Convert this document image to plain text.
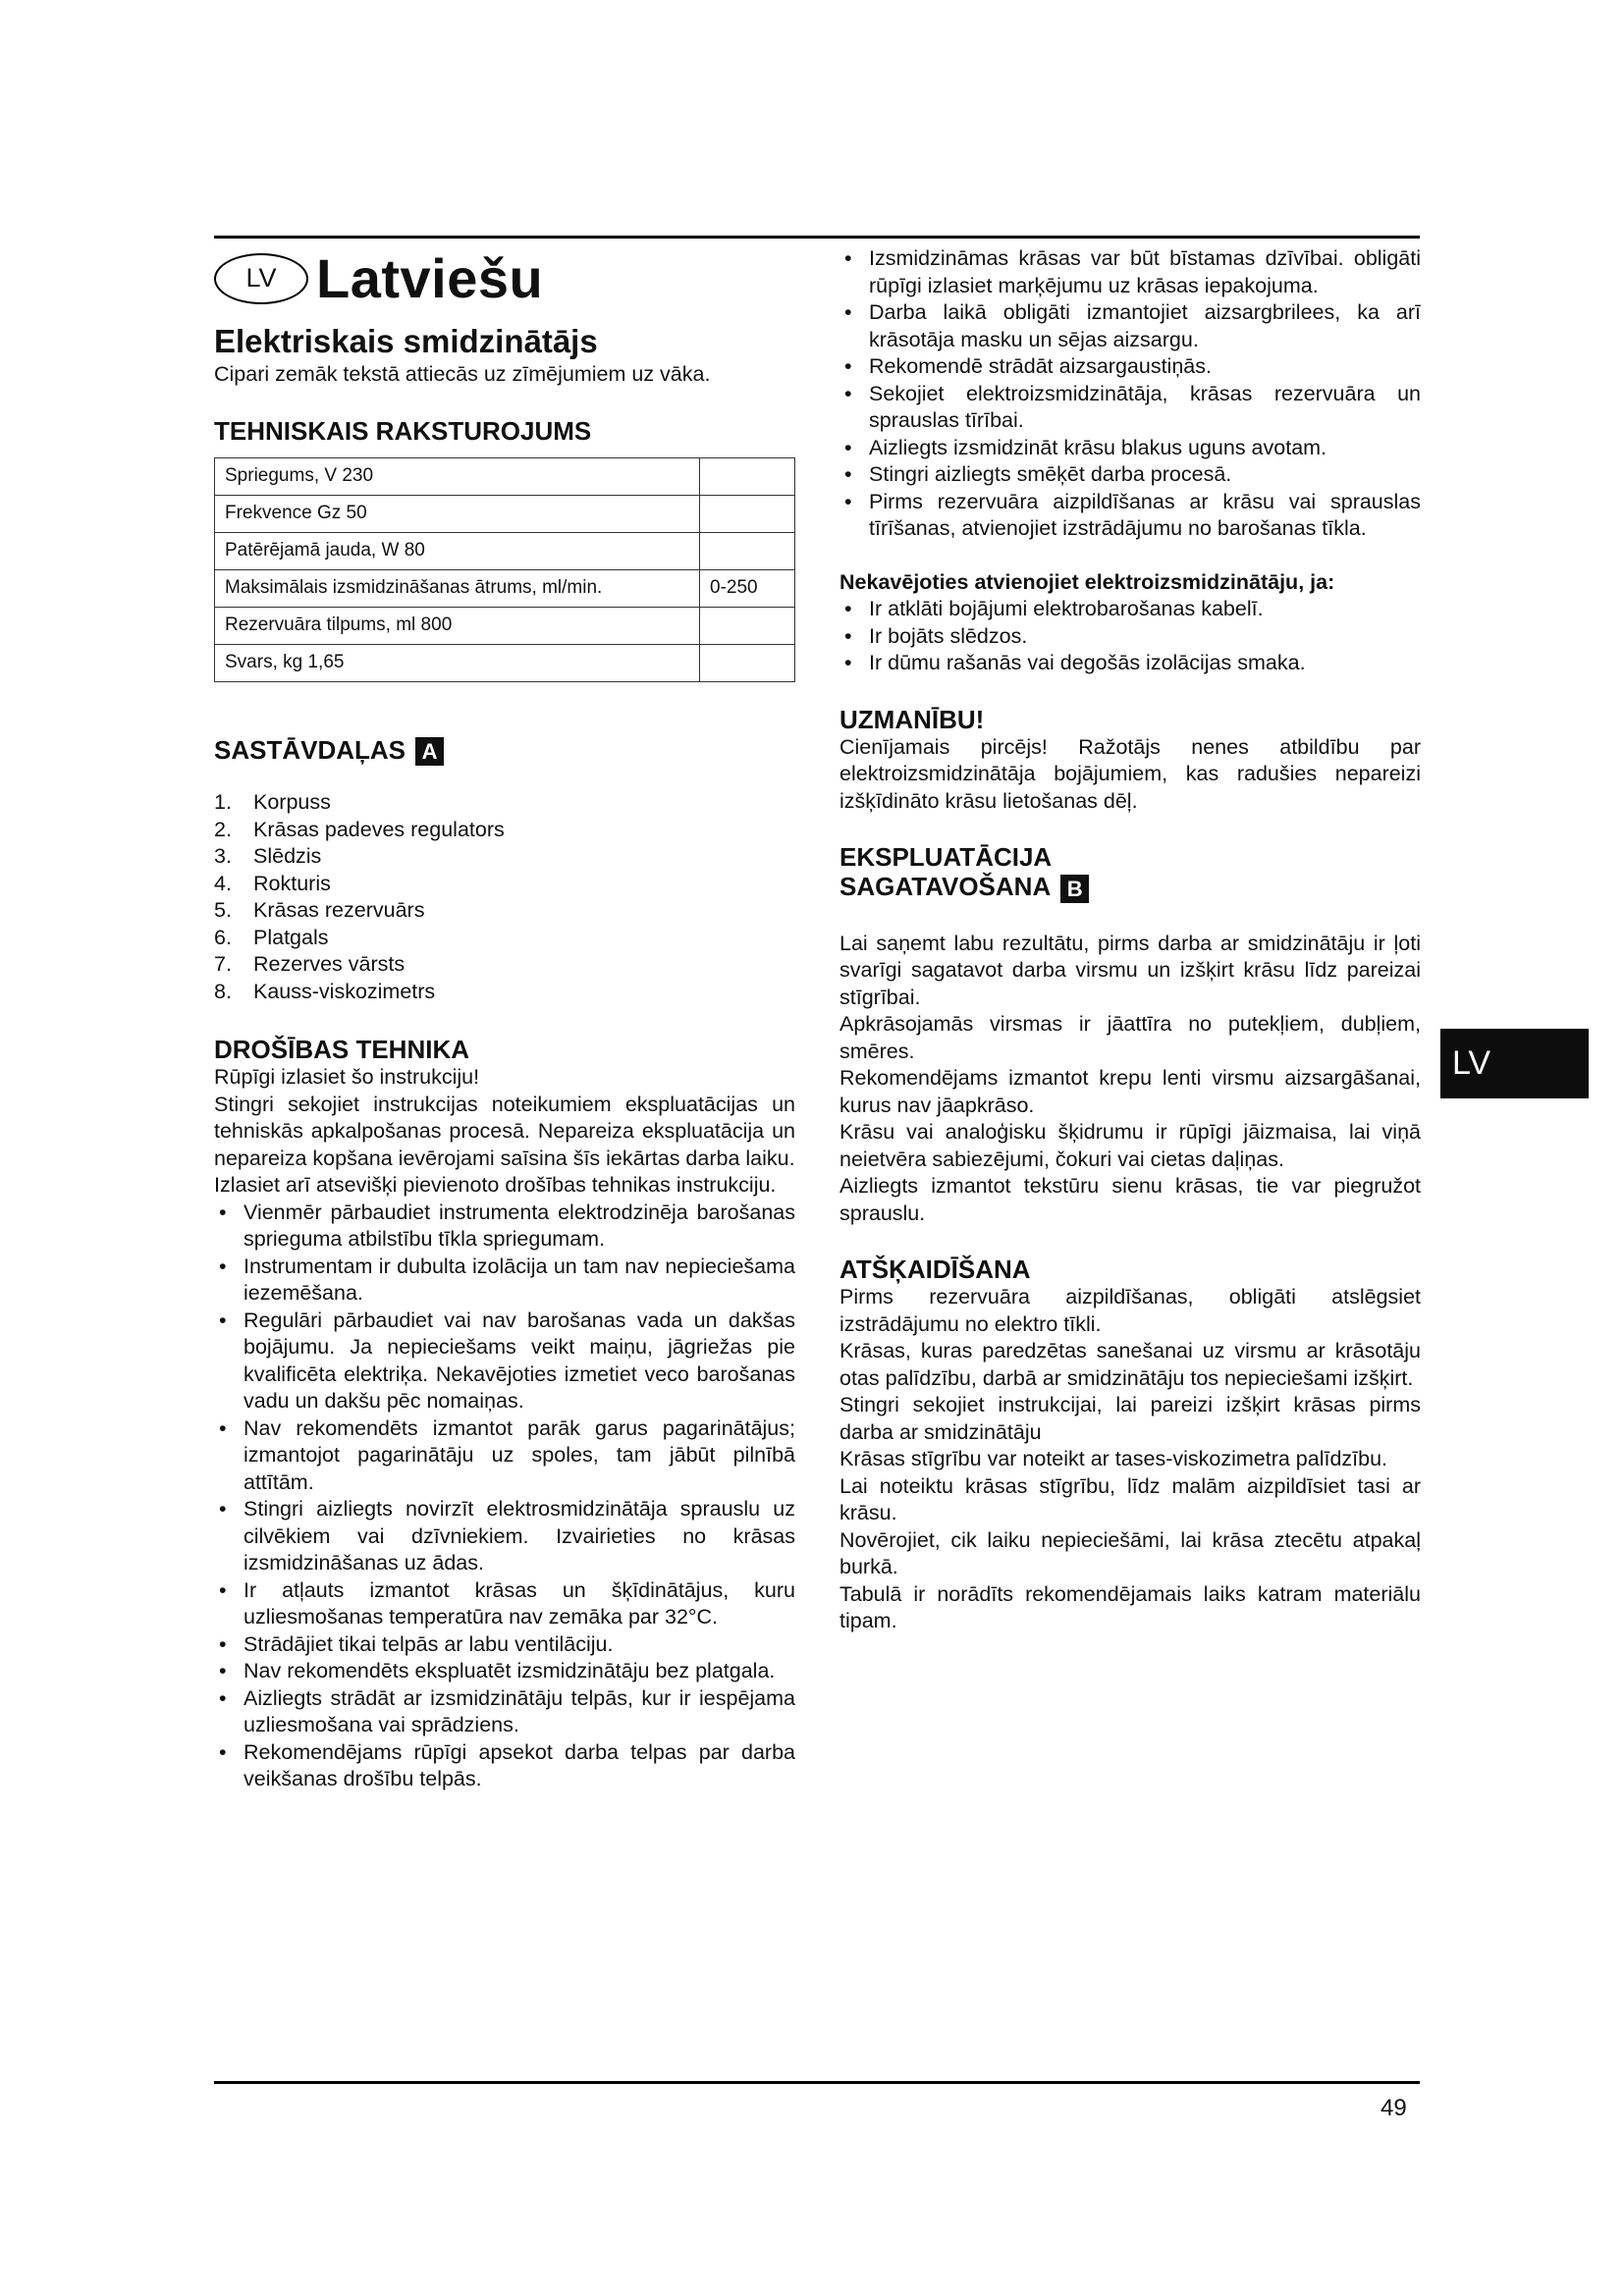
LV Latviešu
Elektriskais smidzinātājs

Cipari zemāk tekstā attiecās uz zīmējumiem uz vāka.

TEHNISKAIS RAKSTUROJUMS
Spriegums, V 230	
Frekvence Gz 50	
Patērējamā jauda, W 80	
Maksimālais izsmidzināšanas ātrums, ml/min.	0-250
Rezervuāra tilpums, ml 800	
Svars, kg 1,65	
SASTĀVDAĻAS A
1. Korpuss
2. Krāsas padeves regulators
3. Slēdzis
4. Rokturis
5. Krāsas rezervuārs
6. Platgals
7. Rezerves vārsts
8. Kauss-viskozimetrs
DROŠĪBAS TEHNIKA

Rūpīgi izlasiet šo instrukciju!

Stingri sekojiet instrukcijas noteikumiem ekspluatācijas un tehniskās apkalpošanas procesā. Nepareiza ekspluatācija un nepareiza kopšana ievērojami saīsina šīs iekārtas darba laiku.

Izlasiet arī atsevišķi pievienoto drošības tehnikas instrukciju.

• Vienmēr pārbaudiet instrumenta elektrodzinēja barošanas sprieguma atbilstību tīkla spriegumam.
• Instrumentam ir dubulta izolācija un tam nav nepieciešama iezemēšana.
• Regulāri pārbaudiet vai nav barošanas vada un dakšas bojājumu. Ja nepieciešams veikt maiņu, jāgriežas pie kvalificēta elektriķa. Nekavējoties izmetiet veco barošanas vadu un dakšu pēc nomaiņas.
• Nav rekomendēts izmantot parāk garus pagarinātājus; izmantojot pagarinātāju uz spoles, tam jābūt pilnībā attītām.
• Stingri aizliegts novirzīt elektrosmidzinātāja sprauslu uz cilvēkiem vai dzīvniekiem. Izvairieties no krāsas izsmidzināšanas uz ādas.
• Ir atļauts izmantot krāsas un šķīdinātājus, kuru uzliesmošanas temperatūra nav zemāka par 32°C.
• Strādājiet tikai telpās ar labu ventilāciju.
• Nav rekomendēts ekspluatēt izsmidzinātāju bez platgala.
• Aizliegts strādāt ar izsmidzinātāju telpās, kur ir iespējama uzliesmošana vai sprādziens.
• Rekomendējams rūpīgi apsekot darba telpas par darba veikšanas drošību telpās.
• Izsmidzināmas krāsas var būt bīstamas dzīvībai. obligāti rūpīgi izlasiet marķējumu uz krāsas iepakojuma.
• Darba laikā obligāti izmantojiet aizsargbrilees, ka arī krāsotāja masku un sējas aizsargu.
• Rekomendē strādāt aizsargaustiņās.
• Sekojiet elektroizsmidzinātāja, krāsas rezervuāra un sprauslas tīrībai.
• Aizliegts izsmidzināt krāsu blakus uguns avotam.
• Stingri aizliegts smēķēt darba procesā.
• Pirms rezervuāra aizpildīšanas ar krāsu vai sprauslas tīrīšanas, atvienojiet izstrādājumu no barošanas tīkla.

Nekavējoties atvienojiet elektroizsmidzinātāju, ja:

• Ir atklāti bojājumi elektrobarošanas kabelī.
• Ir bojāts slēdzos.
• Ir dūmu rašanās vai degošās izolācijas smaka.
UZMANĪBU!

Cienījamais pircējs! Ražotājs nenes atbildību par elektroizsmidzinātāja bojājumiem, kas radušies nepareizi izšķīdināto krāsu lietošanas dēļ.

EKSPLUATĀCIJA
SAGATAVOŠANA B

Lai saņemt labu rezultātu, pirms darba ar smidzinātāju ir ļoti svarīgi sagatavot darba virsmu un izšķirt krāsu līdz pareizai stīgrībai.

Apkrāsojamās virsmas ir jāattīra no putekļiem, dubļiem, smēres.

Rekomendējams izmantot krepu lenti virsmu aizsargāšanai, kurus nav jāapkrāso.

Krāsu vai analoģisku šķidrumu ir rūpīgi jāizmaisa, lai viņā neietvēra sabiezējumi, čokuri vai cietas daļiņas.

Aizliegts izmantot tekstūru sienu krāsas, tie var piegružot sprauslu.

ATŠĶAIDĪŠANA

Pirms rezervuāra aizpildīšanas, obligāti atslēgsiet izstrādājumu no elektro tīkli.

Krāsas, kuras paredzētas sanešanai uz virsmu ar krāsotāju otas palīdzību, darbā ar smidzinātāju tos nepieciešami izšķirt.

Stingri sekojiet instrukcijai, lai pareizi izšķirt krāsas pirms darba ar smidzinātāju

Krāsas stīgrību var noteikt ar tases-viskozimetra palīdzību.

Lai noteiktu krāsas stīgrību, līdz malām aizpildīsiet tasi ar krāsu.

Novērojiet, cik laiku nepieciešāmi, lai krāsa ztecētu atpakaļ burkā.

Tabulā ir norādīts rekomendējamais laiks katram materiālu tipam.

LV
49
